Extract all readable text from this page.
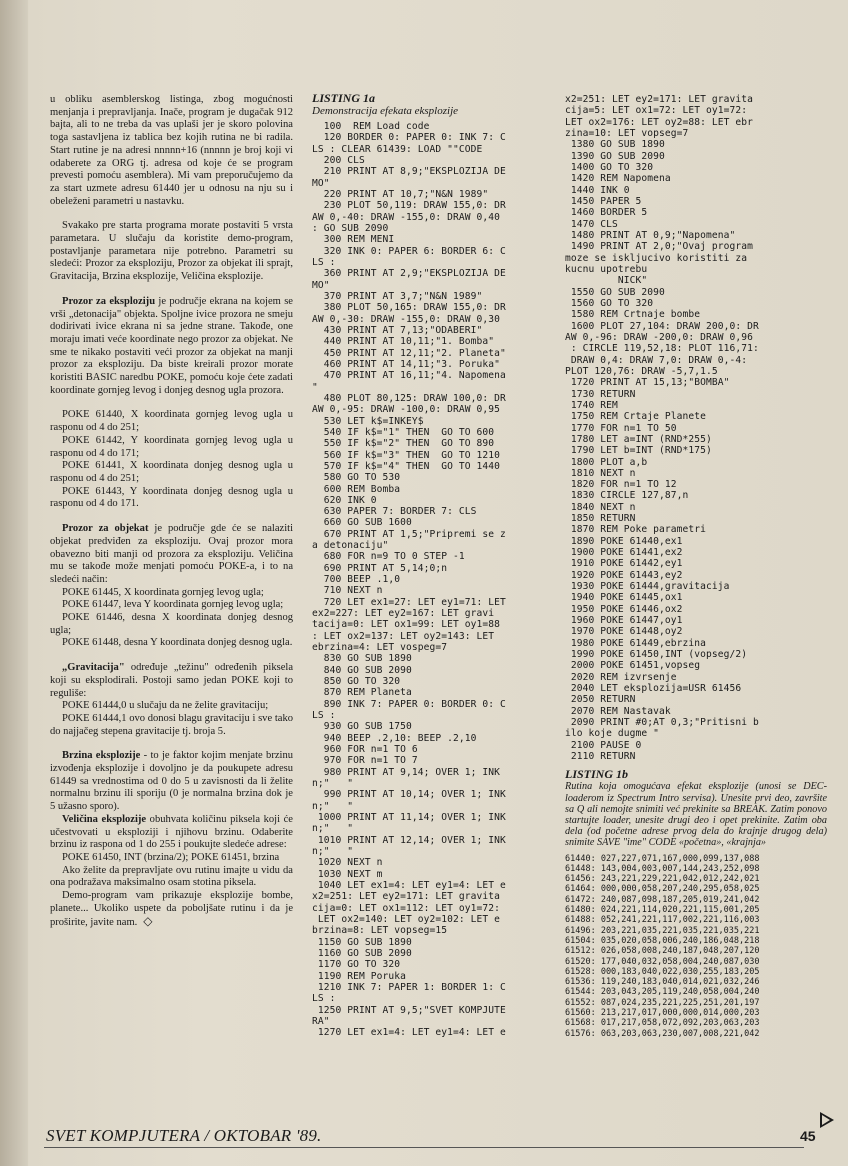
u obliku asemblerskog listinga, zbog mogućnosti menjanja i prepravljanja. Inače, program je dugačak 912 bajta, ali to ne treba da vas uplaši jer je skoro polovina toga sastavljena iz tablica bez kojih rutina ne bi radila. Start rutine je na adresi nnnnn+16 (nnnnn je broj koji vi odaberete za ORG tj. adresa od koje će se program prevesti pomoću asemblera). Mi vam preporučujemo da za start uzmete adresu 61440 jer u odnosu na nju su i obeleženi parametri u nastavku.

Svakako pre starta programa morate postaviti 5 vrsta parametara. U slučaju da koristite demo-program, postavljanje parametara nije potrebno. Parametri su sledeći: Prozor za eksploziju, Prozor za objekat ili sprajt, Gravitacija, Brzina eksplozije, Veličina eksplozije.

Prozor za eksploziju je područje ekrana na kojem se vrši „detonacija" objekta. Spoljne ivice prozora ne smeju dodirivati ivice ekrana ni sa jedne strane. Takođe, one moraju imati veće koordinate nego prozor za objekat. Ne sme te nikako postaviti veći prozor za objekat na manji prozor za eksploziju. Da biste kreirali prozor morate koristiti BASIC naredbu POKE, pomoću koje ćete zadati koordinate gornjeg levog i donjeg desnog ugla prozora.

POKE 61440, X koordinata gornjeg levog ugla u rasponu od 4 do 251;

POKE 61442, Y koordinata gornjeg levog ugla u rasponu od 4 do 171;

POKE 61441, X koordinata donjeg desnog ugla u rasponu od 4 do 251;

POKE 61443, Y koordinata donjeg desnog ugla u rasponu od 4 do 171.

Prozor za objekat je područje gde će se nalaziti objekat predviđen za eksploziju. Ovaj prozor mora obavezno biti manji od prozora za eksploziju. Veličina mu se takođe može menjati pomoću POKE-a, i to na sledeći način:

POKE 61445, X koordinata gornjeg levog ugla;

POKE 61447, leva Y koordinata gornjeg levog ugla;

POKE 61446, desna X koordinata donjeg desnog ugla;

POKE 61448, desna Y koordinata donjeg desnog ugla.

„Gravitacija" određuje „težinu" određenih piksela koji su eksplodirali. Postoji samo jedan POKE koji to reguliše:

POKE 61444,0 u slučaju da ne želite gravitaciju;

POKE 61444,1 ovo donosi blagu gravitaciju i sve tako do najjačeg stepena gravitacije tj. broja 5.

Brzina eksplozije - to je faktor kojim menjate brzinu izvođenja eksplozije i dovoljno je da poukupete adresu 61449 sa vrednostima od 0 do 5 u zavisnosti da li želite normalnu brzinu ili sporiju (0 je normalna brzina dok je 5 užasno sporo).

Veličina eksplozije obuhvata količinu piksela koji će učestvovati u eksploziji i njihovu brzinu. Odaberite brzinu iz raspona od 1 do 255 i poukujte sledeće adrese:

POKE 61450, INT (brzina/2); POKE 61451, brzina

Ako želite da prepravljate ovu rutinu imajte u vidu da ona podražava maksimalno osam stotina piksela.

Demo-program vam prikazuje eksplozije bombe, planete... Ukoliko uspete da poboljšate rutinu i da je proširite, javite nam. ◇

LISTING 1a
Demonstracija efekata eksplozije
100  REM Load code
120 BORDER 0: PAPER 0: INK 7: C
LS : CLEAR 61439: LOAD ""CODE
200 CLS
210 PRINT AT 8,9;"EKSPLOZIJA DE
MO"
220 PRINT AT 10,7;"N&N 1989"
230 PLOT 50,119: DRAW 155,0: DR
AW 0,-40: DRAW -155,0: DRAW 0,40
: GO SUB 2090
300 REM MENI
320 INK 0: PAPER 6: BORDER 6: C
LS :
360 PRINT AT 2,9;"EKSPLOZIJA DE
MO"
370 PRINT AT 3,7;"N&N 1989"
380 PLOT 50,165: DRAW 155,0: DR
AW 0,-30: DRAW -155,0: DRAW 0,30
430 PRINT AT 7,13;"ODABERI"
440 PRINT AT 10,11;"1. Bomba"
450 PRINT AT 12,11;"2. Planeta"
460 PRINT AT 14,11;"3. Poruka"
470 PRINT AT 16,11;"4. Napomena
"
480 PLOT 80,125: DRAW 100,0: DR
AW 0,-95: DRAW -100,0: DRAW 0,95
530 LET k$=INKEY$
540 IF k$="1" THEN  GO TO 600
550 IF k$="2" THEN  GO TO 890
560 IF k$="3" THEN  GO TO 1210
570 IF k$="4" THEN  GO TO 1440
580 GO TO 530
600 REM Bomba
620 INK 0
630 PAPER 7: BORDER 7: CLS
660 GO SUB 1600
670 PRINT AT 1,5;"Pripremi se z
a detonaciju"
680 FOR n=9 TO 0 STEP -1
690 PRINT AT 5,14;0;n
700 BEEP .1,0
710 NEXT n
720 LET ex1=27: LET ey1=71: LET
ex2=227: LET ey2=167: LET gravi
tacija=0: LET ox1=99: LET oy1=88
: LET ox2=137: LET oy2=143: LET
ebrzina=4: LET vospeg=7
830 GO SUB 1890
840 GO SUB 2090
850 GO TO 320
870 REM Planeta
890 INK 7: PAPER 0: BORDER 0: C
LS :
930 GO SUB 1750
940 BEEP .2,10: BEEP .2,10
960 FOR n=1 TO 6
970 FOR n=1 TO 7
980 PRINT AT 9,14; OVER 1; INK
n;"   "
990 PRINT AT 10,14; OVER 1; INK
n;"   "
1000 PRINT AT 11,14; OVER 1; INK
n;"   "
1010 PRINT AT 12,14; OVER 1; INK
n;"   "
1020 NEXT n
1030 NEXT m
1040 LET ex1=4: LET ey1=4: LET e
x2=251: LET ey2=171: LET gravita
cija=0: LET ox1=112: LET oy1=72:
LET ox2=140: LET oy2=102: LET e
brzina=8: LET vopseg=15
1150 GO SUB 1890
1160 GO SUB 2090
1170 GO TO 320
1190 REM Poruka
1210 INK 7: PAPER 1: BORDER 1: C
LS :
1250 PRINT AT 9,5;"SVET KOMPJUTE
RA"
1270 LET ex1=4: LET ey1=4: LET e
x2=251: LET ey2=171: LET gravita
cija=5: LET ox1=72: LET oy1=72:
LET ox2=176: LET oy2=88: LET ebr
zina=10: LET vopseg=7
1380 GO SUB 1890
1390 GO SUB 2090
1400 GO TO 320
1420 REM Napomena
1440 INK 0
1450 PAPER 5
1460 BORDER 5
1470 CLS
1480 PRINT AT 0,9;"Napomena"
1490 PRINT AT 2,0;"Ovaj program
moze se iskljucivo koristiti za
kucnu upotrebu
NICK"
1550 GO SUB 2090
1560 GO TO 320
1580 REM Crtnaje bombe
1600 PLOT 27,104: DRAW 200,0: DR
AW 0,-96: DRAW -200,0: DRAW 0,96
: CIRCLE 119,52,18: PLOT 116,71:
DRAW 0,4: DRAW 7,0: DRAW 0,-4:
PLOT 120,76: DRAW -5,7,1.5
1720 PRINT AT 15,13;"BOMBA"
1730 RETURN
1740 REM
1750 REM Crtaje Planete
1770 FOR n=1 TO 50
1780 LET a=INT (RND*255)
1790 LET b=INT (RND*175)
1800 PLOT a,b
1810 NEXT n
1820 FOR n=1 TO 12
1830 CIRCLE 127,87,n
1840 NEXT n
1850 RETURN
1870 REM Poke parametri
1890 POKE 61440,ex1
1900 POKE 61441,ex2
1910 POKE 61442,ey1
1920 POKE 61443,ey2
1930 POKE 61444,gravitacija
1940 POKE 61445,ox1
1950 POKE 61446,ox2
1960 POKE 61447,oy1
1970 POKE 61448,oy2
1980 POKE 61449,ebrzina
1990 POKE 61450,INT (vopseg/2)
2000 POKE 61451,vopseg
2020 REM izvrsenje
2040 LET eksplozija=USR 61456
2050 RETURN
2070 REM Nastavak
2090 PRINT #0;AT 0,3;"Pritisni b
ilo koje dugme "
2100 PAUSE 0
2110 RETURN
LISTING 1b
Rutina koja omogućava efekat eksplozije (unosi se DEC-loaderom iz Spectrum Intro servisa). Unesite prvi deo, završite sa Q ali nemojte snimiti već prekinite sa BREAK. Zatim ponovo startujte loader, unesite drugi deo i opet prekinite. Zatim oba dela (od početne adrese prvog dela do krajnje drugog dela) snimite SAVE "ime" CODE «početna», «krajnja»
61440: 027,227,071,167,000,099,137,088
61448: 143,004,003,007,144,243,252,098
61456: 243,221,229,221,042,012,242,021
61464: 000,000,058,207,240,295,058,025
61472: 240,087,098,187,205,019,241,042
61480: 024,221,114,020,221,115,001,205
61488: 052,241,221,117,002,221,116,003
61496: 203,221,035,221,035,221,035,221
61504: 035,020,058,006,240,186,048,218
61512: 026,058,008,240,187,048,207,120
61520: 177,040,032,058,004,240,087,030
61528: 000,183,040,022,030,255,183,205
61536: 119,240,183,040,014,021,032,246
61544: 203,043,205,119,240,058,004,240
61552: 087,024,235,221,225,251,201,197
61560: 213,217,017,000,000,014,000,203
61568: 017,217,058,072,092,203,063,203
61576: 063,203,063,230,007,008,221,042
SVET KOMPJUTERA / OKTOBAR '89.	45
